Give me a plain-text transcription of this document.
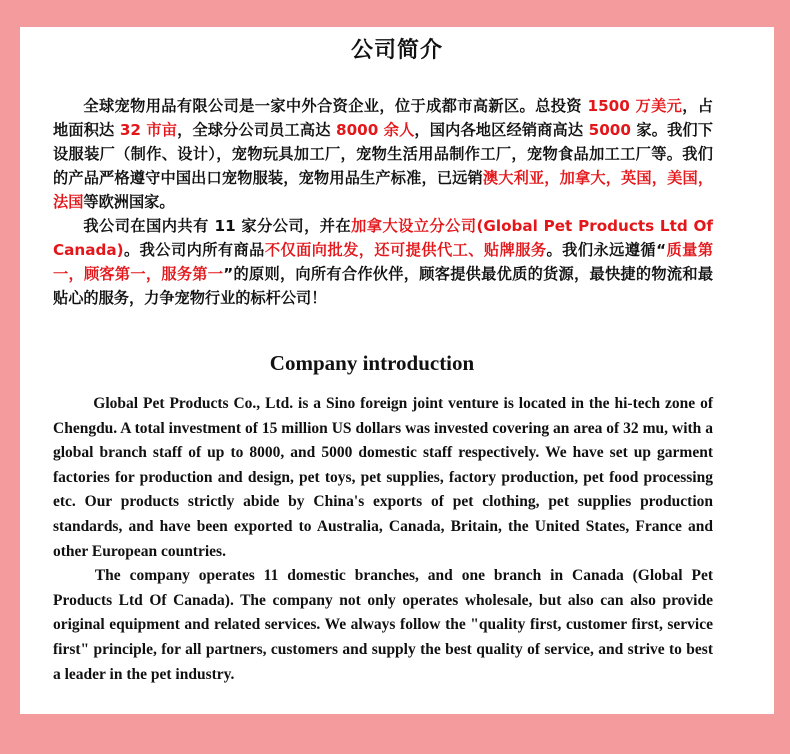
公司简介

全球宠物用品有限公司是一家中外合资企业，位于成都市高新区。总投资 1500 万美元，占地面积达 32 市亩，全球分公司员工高达 8000 余人，国内各地区经销商高达 5000 家。我们下设服装厂（制作、设计），宠物玩具加工厂，宠物生活用品制作工厂，宠物食品加工工厂等。我们的产品严格遵守中国出口宠物服装，宠物用品生产标准，已远销澳大利亚，加拿大，英国，美国，法国等欧洲国家。

我公司在国内共有 11 家分公司，并在加拿大设立分公司(Global Pet Products Ltd Of Canada)。我公司内所有商品不仅面向批发，还可提供代工、贴牌服务。我们永远遵循“质量第一，顾客第一，服务第一”的原则，向所有合作伙伴，顾客提供最优质的货源，最快捷的物流和最贴心的服务，力争宠物行业的标杆公司！

Company introduction

Global Pet Products Co., Ltd. is a Sino foreign joint venture is located in the hi-tech zone of Chengdu. A total investment of 15 million US dollars was invested covering an area of 32 mu, with a global branch staff of up to 8000, and 5000 domestic staff respectively. We have set up garment factories for production and design, pet toys, pet supplies, factory production, pet food processing etc. Our products strictly abide by China's exports of pet clothing, pet supplies production standards, and have been exported to Australia, Canada, Britain, the United States, France and other European countries.

The company operates 11 domestic branches, and one branch in Canada (Global Pet Products Ltd Of Canada). The company not only operates wholesale, but also can also provide original equipment and related services. We always follow the "quality first, customer first, service first" principle, for all partners, customers and supply the best quality of service, and strive to best a leader in the pet industry.
